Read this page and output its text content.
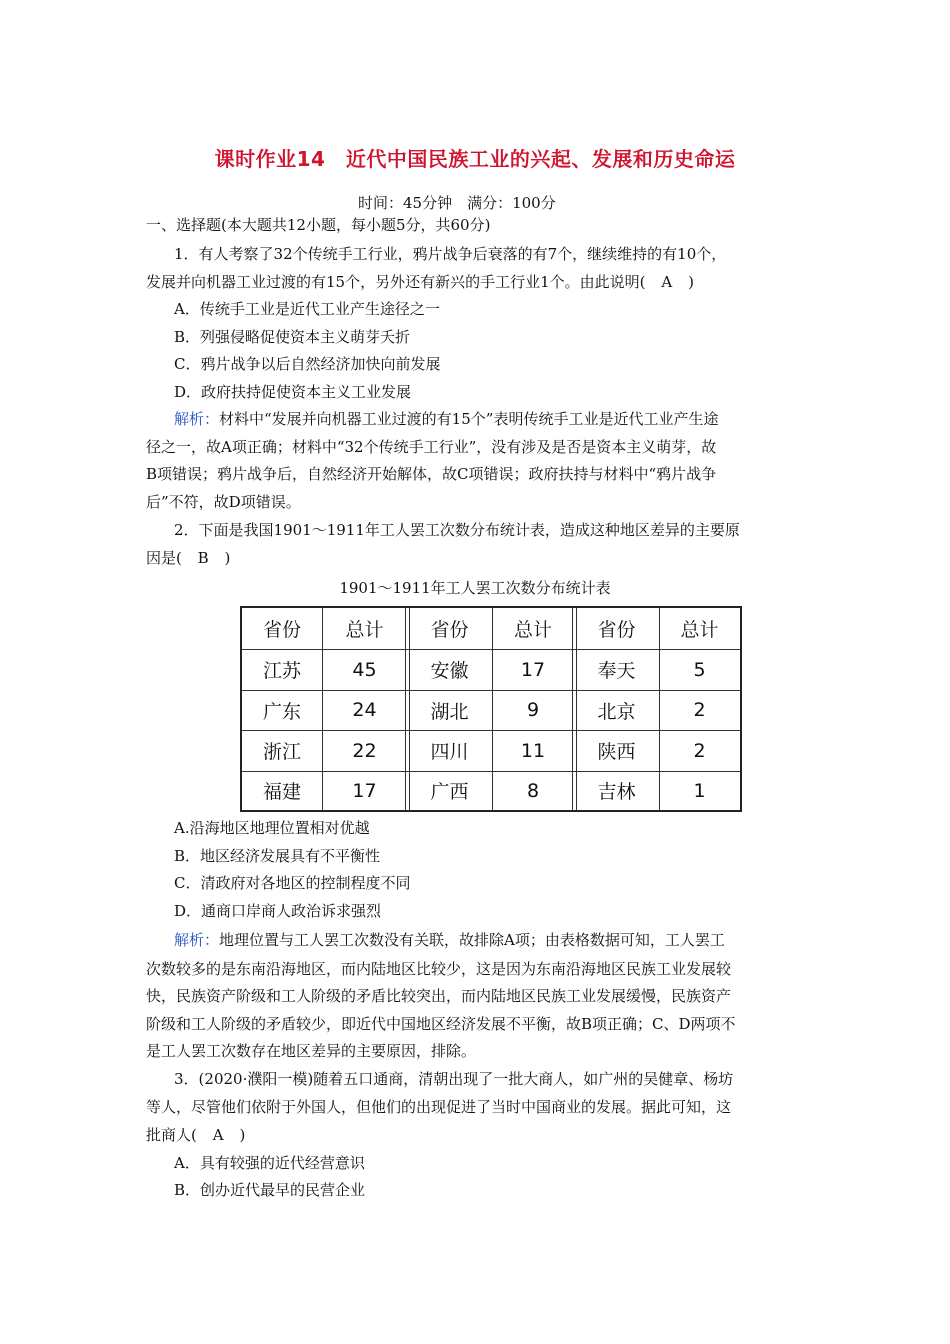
课时作业14　近代中国民族工业的兴起、发展和历史命运
时间：45分钟　满分：100分
一、选择题(本大题共12小题，每小题5分，共60分)
1．有人考察了32个传统手工行业，鸦片战争后衰落的有7个，继续维持的有10个，
发展并向机器工业过渡的有15个，另外还有新兴的手工行业1个。由此说明( A )
A．传统手工业是近代工业产生途径之一
B．列强侵略促使资本主义萌芽夭折
C．鸦片战争以后自然经济加快向前发展
D．政府扶持促使资本主义工业发展
解析：材料中“发展并向机器工业过渡的有15个”表明传统手工业是近代工业产生途
径之一，故A项正确；材料中“32个传统手工行业”，没有涉及是否是资本主义萌芽，故
B项错误；鸦片战争后，自然经济开始解体，故C项错误；政府扶持与材料中“鸦片战争
后”不符，故D项错误。
2．下面是我国1901～1911年工人罢工次数分布统计表，造成这种地区差异的主要原
因是( B )
1901～1911年工人罢工次数分布统计表
省份	总计	省份	总计	省份	总计
江苏	45	安徽	17	奉天	5
广东	24	湖北	9	北京	2
浙江	22	四川	11	陕西	2
福建	17	广西	8	吉林	1
A.沿海地区地理位置相对优越
B．地区经济发展具有不平衡性
C．清政府对各地区的控制程度不同
D．通商口岸商人政治诉求强烈
解析：地理位置与工人罢工次数没有关联，故排除A项；由表格数据可知，工人罢工
次数较多的是东南沿海地区，而内陆地区比较少，这是因为东南沿海地区民族工业发展较
快，民族资产阶级和工人阶级的矛盾比较突出，而内陆地区民族工业发展缓慢，民族资产
阶级和工人阶级的矛盾较少，即近代中国地区经济发展不平衡，故B项正确；C、D两项不
是工人罢工次数存在地区差异的主要原因，排除。
3．(2020·濮阳一模)随着五口通商，清朝出现了一批大商人，如广州的吴健章、杨坊
等人，尽管他们依附于外国人，但他们的出现促进了当时中国商业的发展。据此可知，这
批商人( A )
A．具有较强的近代经营意识
B．创办近代最早的民营企业
